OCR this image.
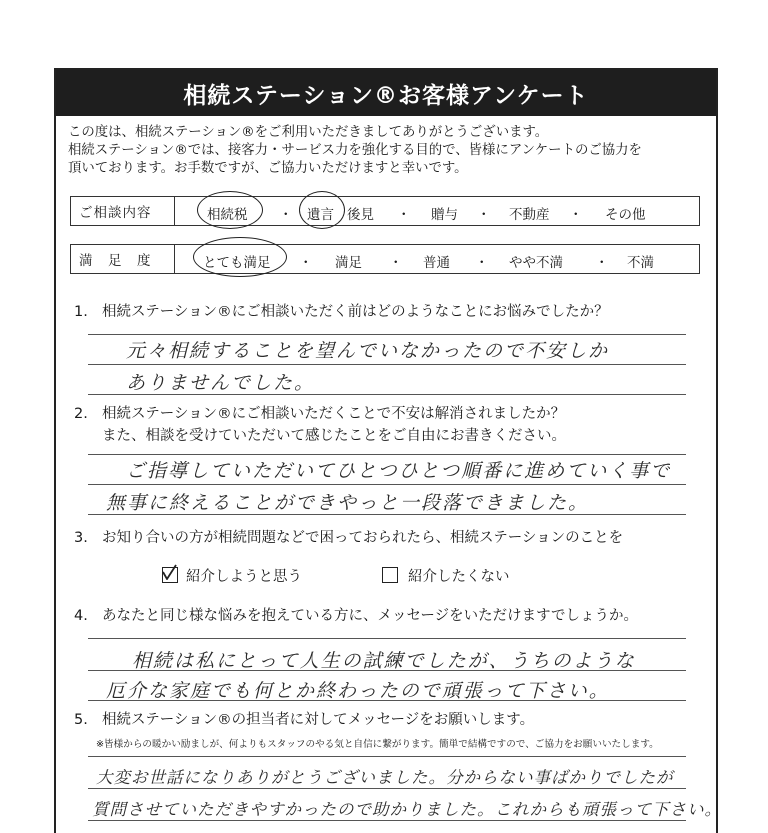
相続ステーション®お客様アンケート
この度は、相続ステーション®をご利用いただきましてありがとうございます。
相続ステーション®では、接客力・サービス力を強化する目的で、皆様にアンケートのご協力を
頂いております。お手数ですが、ご協力いただけますと幸いです。
ご相談内容	相続税 ・ 遺言 後見 ・ 贈与 ・ 不動産 ・ その他
満　足　度	とても満足 ・ 満足 ・ 普通 ・ やや不満 ・ 不満
1. 相続ステーション®にご相談いただく前はどのようなことにお悩みでしたか？
元々相続することを望んでいなかったので不安しか
ありませんでした。
2. 相続ステーション®にご相談いただくことで不安は解消されましたか？
また、相談を受けていただいて感じたことをご自由にお書きください。
ご指導していただいてひとつひとつ順番に進めていく事で
無事に終えることができやっと一段落できました。
3. お知り合いの方が相続問題などで困っておられたら、相続ステーションのことを
紹介しようと思う	紹介したくない
4. あなたと同じ様な悩みを抱えている方に、メッセージをいただけますでしょうか。
相続は私にとって人生の試練でしたが、うちのような
厄介な家庭でも何とか終わったので頑張って下さい。
5. 相続ステーション®の担当者に対してメッセージをお願いします。
※皆様からの暖かい励ましが、何よりもスタッフのやる気と自信に繋がります。簡単で結構ですので、ご協力をお願いいたします。
大変お世話になりありがとうございました。分からない事ばかりでしたが
質問させていただきやすかったので助かりました。これからも頑張って下さい。
